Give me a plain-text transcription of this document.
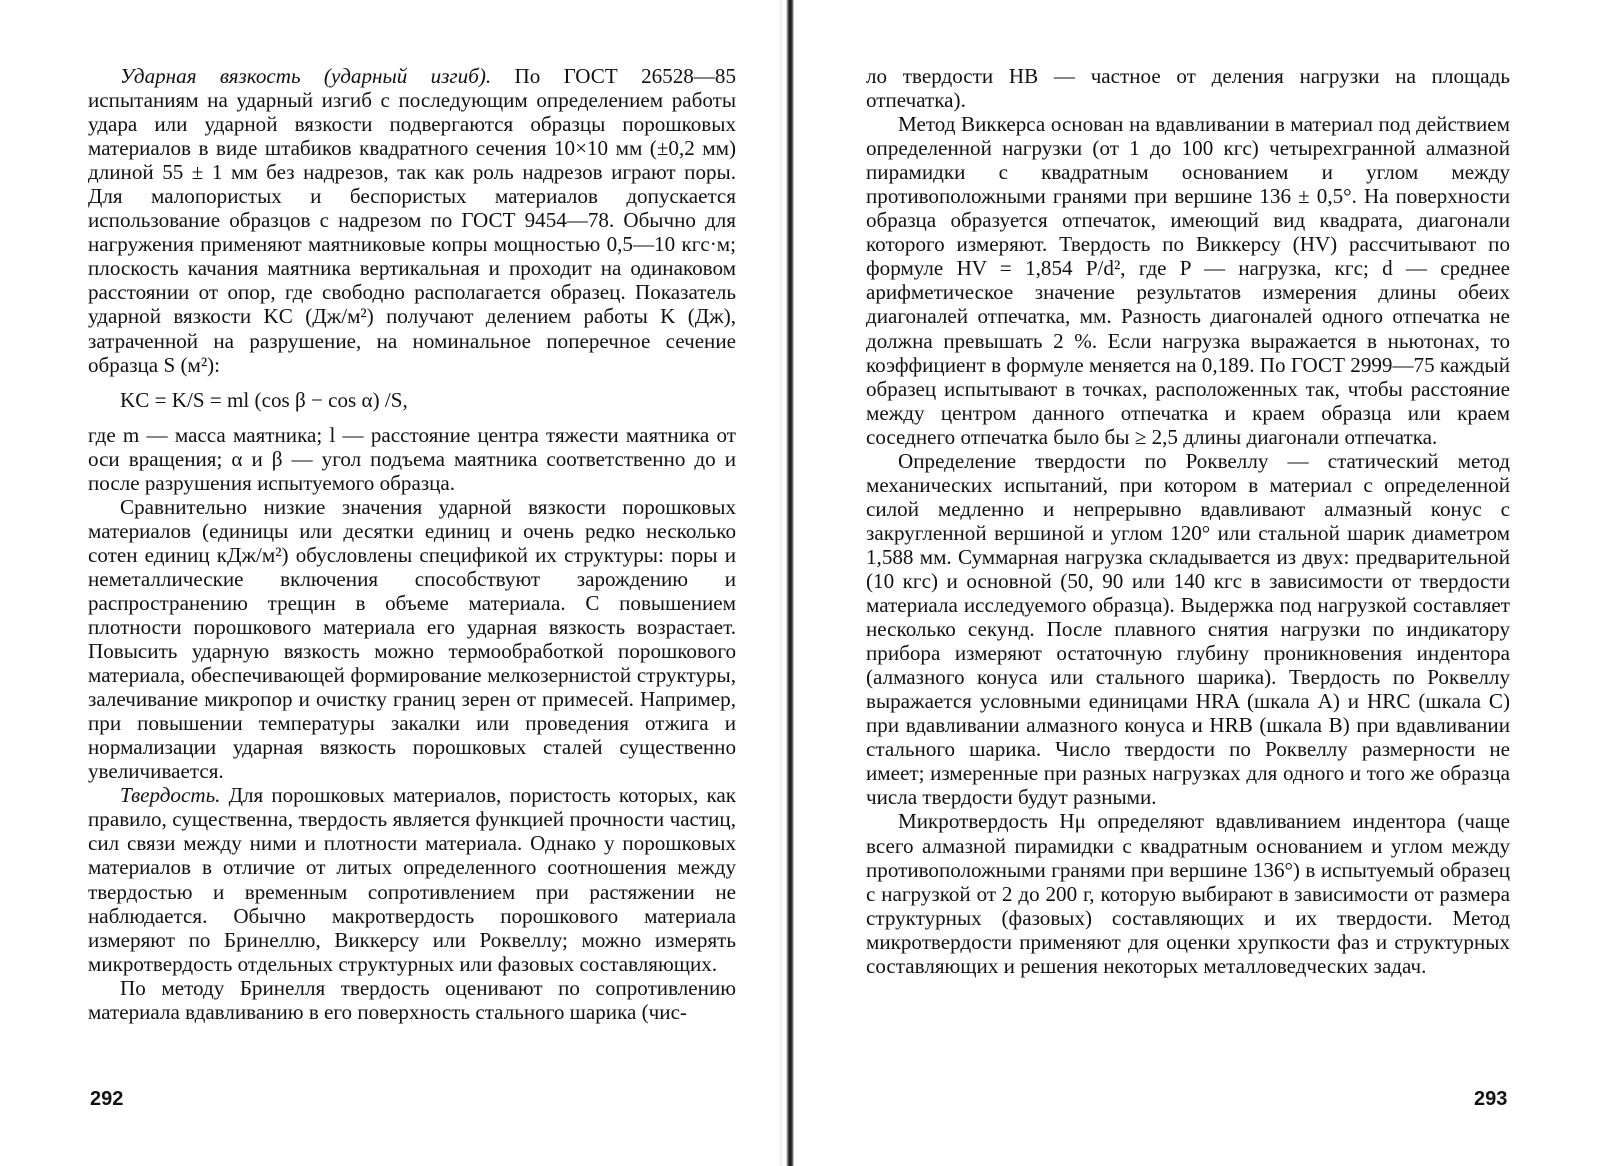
Ударная вязкость (ударный изгиб). По ГОСТ 26528—85 испытаниям на ударный изгиб с последующим определением работы удара или ударной вязкости подвергаются образцы порошковых материалов в виде штабиков квадратного сечения 10×10 мм (±0,2 мм) длиной 55 ± 1 мм без надрезов, так как роль надрезов играют поры. Для малопористых и беспористых материалов допускается использование образцов с надрезом по ГОСТ 9454—78. Обычно для нагружения применяют маятниковые копры мощностью 0,5—10 кгс·м; плоскость качания маятника вертикальная и проходит на одинаковом расстоянии от опор, где свободно располагается образец. Показатель ударной вязкости KC (Дж/м²) получают делением работы K (Дж), затраченной на разрушение, на номинальное поперечное сечение образца S (м²):

KC = K/S = ml (cos β − cos α) /S,

где m — масса маятника; l — расстояние центра тяжести маятника от оси вращения; α и β — угол подъема маятника соответственно до и после разрушения испытуемого образца.

Сравнительно низкие значения ударной вязкости порошковых материалов (единицы или десятки единиц и очень редко несколько сотен единиц кДж/м²) обусловлены спецификой их структуры: поры и неметаллические включения способствуют зарождению и распространению трещин в объеме материала. С повышением плотности порошкового материала его ударная вязкость возрастает. Повысить ударную вязкость можно термообработкой порошкового материала, обеспечивающей формирование мелкозернистой структуры, залечивание микропор и очистку границ зерен от примесей. Например, при повышении температуры закалки или проведения отжига и нормализации ударная вязкость порошковых сталей существенно увеличивается.

Твердость. Для порошковых материалов, пористость которых, как правило, существенна, твердость является функцией прочности частиц, сил связи между ними и плотности материала. Однако у порошковых материалов в отличие от литых определенного соотношения между твердостью и временным сопротивлением при растяжении не наблюдается. Обычно макротвердость порошкового материала измеряют по Бринеллю, Виккерсу или Роквеллу; можно измерять микротвердость отдельных структурных или фазовых составляющих.

По методу Бринелля твердость оценивают по сопротивлению материала вдавливанию в его поверхность стального шарика (чис-

292

ло твердости HB — частное от деления нагрузки на площадь отпечатка).

Метод Виккерса основан на вдавливании в материал под действием определенной нагрузки (от 1 до 100 кгс) четырехгранной алмазной пирамидки с квадратным основанием и углом между противоположными гранями при вершине 136 ± 0,5°. На поверхности образца образуется отпечаток, имеющий вид квадрата, диагонали которого измеряют. Твердость по Виккерсу (HV) рассчитывают по формуле HV = 1,854 P/d², где P — нагрузка, кгс; d — среднее арифметическое значение результатов измерения длины обеих диагоналей отпечатка, мм. Разность диагоналей одного отпечатка не должна превышать 2 %. Если нагрузка выражается в ньютонах, то коэффициент в формуле меняется на 0,189. По ГОСТ 2999—75 каждый образец испытывают в точках, расположенных так, чтобы расстояние между центром данного отпечатка и краем образца или краем соседнего отпечатка было бы ≥ 2,5 длины диагонали отпечатка.

Определение твердости по Роквеллу — статический метод механических испытаний, при котором в материал с определенной силой медленно и непрерывно вдавливают алмазный конус с закругленной вершиной и углом 120° или стальной шарик диаметром 1,588 мм. Суммарная нагрузка складывается из двух: предварительной (10 кгс) и основной (50, 90 или 140 кгс в зависимости от твердости материала исследуемого образца). Выдержка под нагрузкой составляет несколько секунд. После плавного снятия нагрузки по индикатору прибора измеряют остаточную глубину проникновения индентора (алмазного конуса или стального шарика). Твердость по Роквеллу выражается условными единицами HRA (шкала A) и HRC (шкала C) при вдавливании алмазного конуса и HRB (шкала B) при вдавливании стального шарика. Число твердости по Роквеллу размерности не имеет; измеренные при разных нагрузках для одного и того же образца числа твердости будут разными.

Микротвердость Hμ определяют вдавливанием индентора (чаще всего алмазной пирамидки с квадратным основанием и углом между противоположными гранями при вершине 136°) в испытуемый образец с нагрузкой от 2 до 200 г, которую выбирают в зависимости от размера структурных (фазовых) составляющих и их твердости. Метод микротвердости применяют для оценки хрупкости фаз и структурных составляющих и решения некоторых металловедческих задач.

293
